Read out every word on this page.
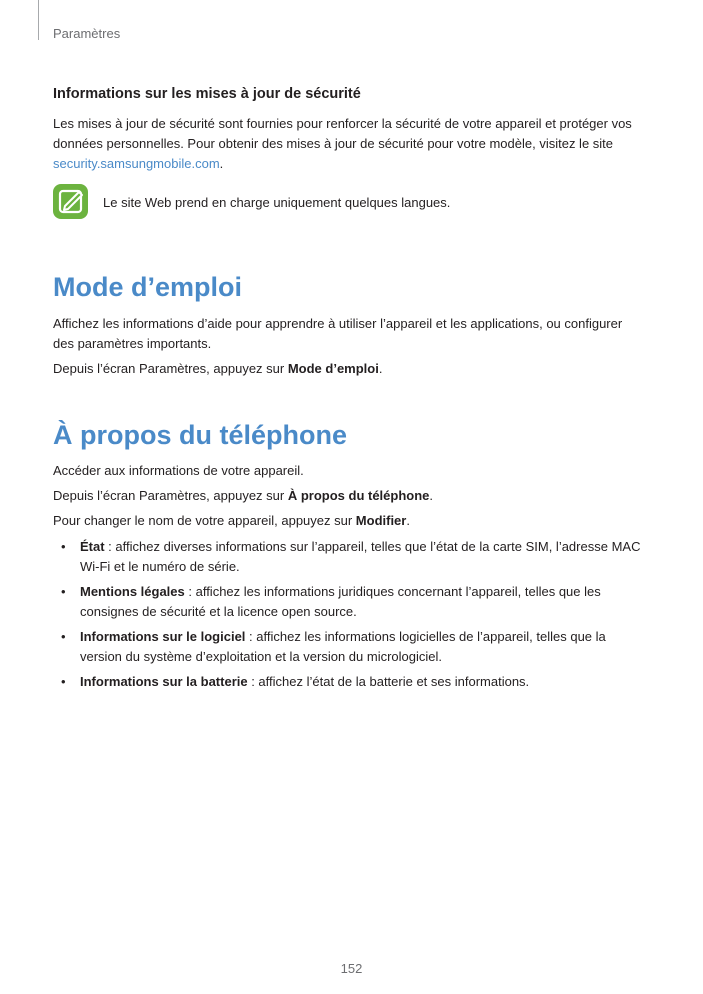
Paramètres
Informations sur les mises à jour de sécurité

Les mises à jour de sécurité sont fournies pour renforcer la sécurité de votre appareil et protéger vos données personnelles. Pour obtenir des mises à jour de sécurité pour votre modèle, visitez le site security.samsungmobile.com.

Le site Web prend en charge uniquement quelques langues.
Mode d’emploi

Affichez les informations d’aide pour apprendre à utiliser l’appareil et les applications, ou configurer des paramètres importants.

Depuis l’écran Paramètres, appuyez sur Mode d’emploi.

À propos du téléphone

Accéder aux informations de votre appareil.

Depuis l’écran Paramètres, appuyez sur À propos du téléphone.

Pour changer le nom de votre appareil, appuyez sur Modifier.

• État : affichez diverses informations sur l’appareil, telles que l’état de la carte SIM, l’adresse MAC Wi-Fi et le numéro de série.
• Mentions légales : affichez les informations juridiques concernant l’appareil, telles que les consignes de sécurité et la licence open source.
• Informations sur le logiciel : affichez les informations logicielles de l’appareil, telles que la version du système d’exploitation et la version du micrologiciel.
• Informations sur la batterie : affichez l’état de la batterie et ses informations.
152
